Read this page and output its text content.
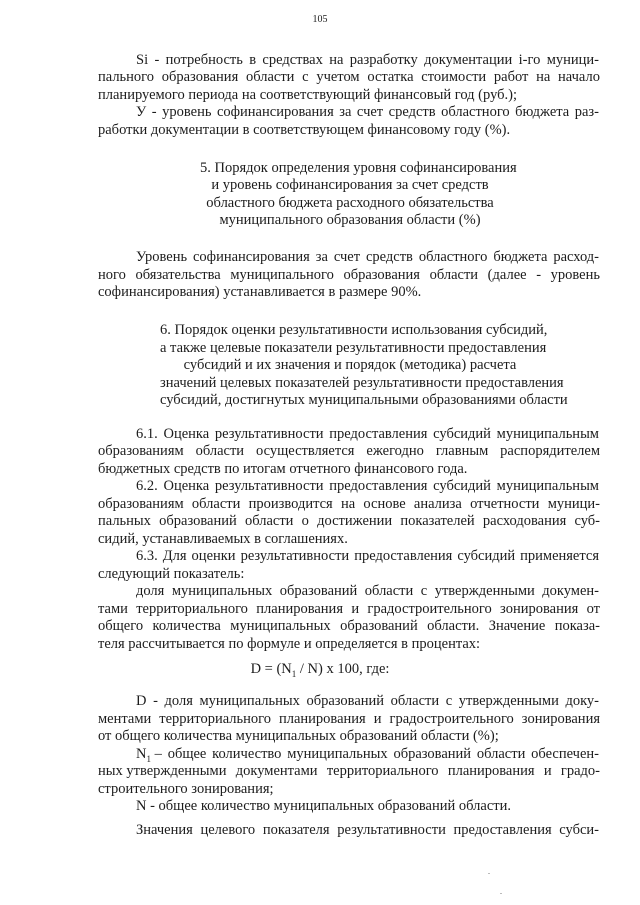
105
Si - потребность в средствах на разработку документации i-го муници-
пального образования области с учетом остатка стоимости работ на начало
планируемого периода на соответствующий финансовый год (руб.);
У - уровень софинансирования за счет средств областного бюджета раз-
работки документации в соответствующем финансовому году (%).
5. Порядок определения уровня софинансирования
и уровень софинансирования за счет средств
областного бюджета расходного обязательства
муниципального образования области (%)
Уровень софинансирования за счет средств областного бюджета расход-
ного обязательства муниципального образования области (далее - уровень
софинансирования) устанавливается в размере 90%.
6. Порядок оценки результативности использования субсидий,
а также целевые показатели результативности предоставления
субсидий и их значения и порядок (методика) расчета
значений целевых показателей результативности предоставления
субсидий, достигнутых муниципальными образованиями области
6.1. Оценка результативности предоставления субсидий муниципальным
образованиям области осуществляется ежегодно главным распорядителем
бюджетных средств по итогам отчетного финансового года.
6.2. Оценка результативности предоставления субсидий муниципальным
образованиям области производится на основе анализа отчетности муници-
пальных образований области о достижении показателей расходования суб-
сидий, устанавливаемых в соглашениях.
6.3. Для оценки результативности предоставления субсидий применяется
следующий показатель:
доля муниципальных образований области с утвержденными докумен-
тами территориального планирования и градостроительного зонирования от
общего количества муниципальных образований области. Значение показа-
теля рассчитывается по формуле и определяется в процентах:
$D = (N_1 / N)$ x 100, где:
D - доля муниципальных образований области с утвержденными доку-
ментами территориального планирования и градостроительного зонирования
от общего количества муниципальных образований области (%);
$N_1$ – общее количество муниципальных образований области обеспечен-
ных
утвержденными документами территориального планирования и градо-
строительного зонирования;
N - общее количество муниципальных образований области.
Значения целевого показателя результативности предоставления субси-
